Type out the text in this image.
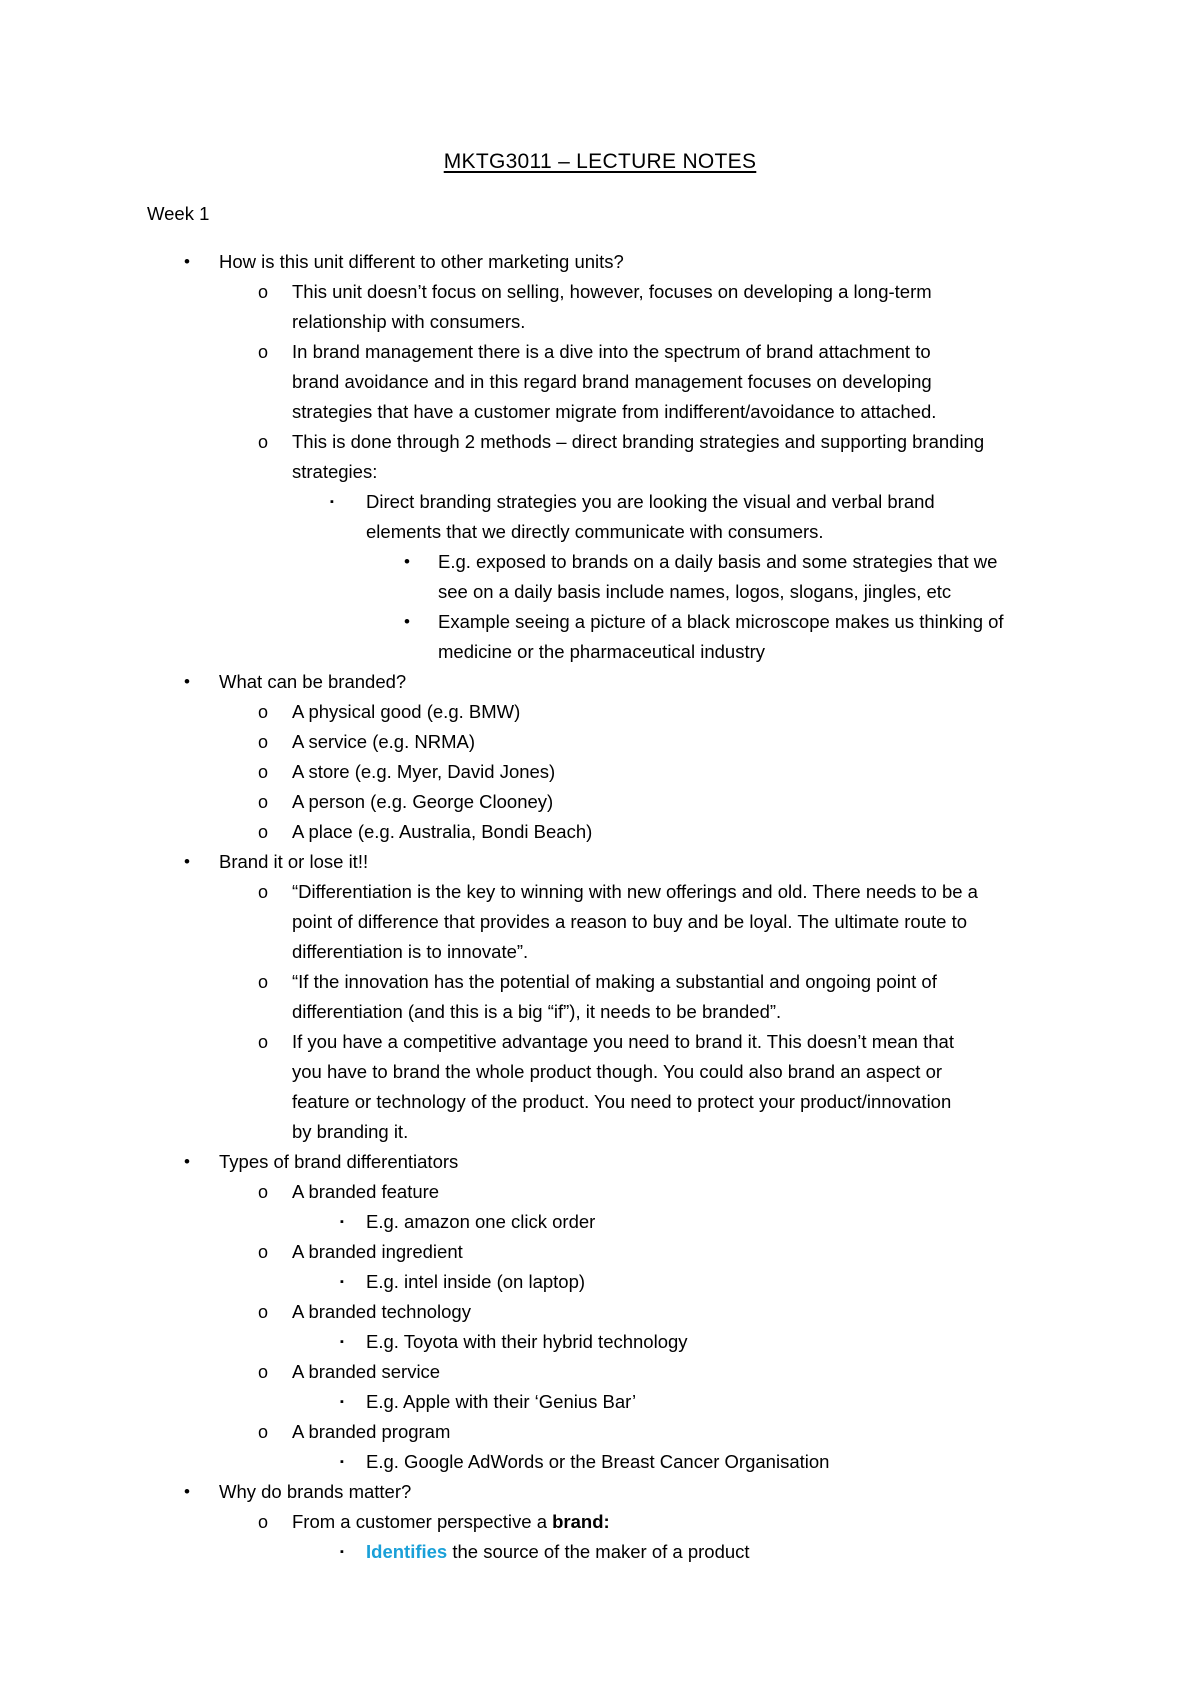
MKTG3011 – LECTURE NOTES
Week 1
• How is this unit different to other marketing units?
o This unit doesn’t focus on selling, however, focuses on developing a long-term
relationship with consumers.
o In brand management there is a dive into the spectrum of brand attachment to
brand avoidance and in this regard brand management focuses on developing
strategies that have a customer migrate from indifferent/avoidance to attached.
o This is done through 2 methods – direct branding strategies and supporting branding
strategies:
▪ Direct branding strategies you are looking the visual and verbal brand
elements that we directly communicate with consumers.
• E.g. exposed to brands on a daily basis and some strategies that we
see on a daily basis include names, logos, slogans, jingles, etc
• Example seeing a picture of a black microscope makes us thinking of
medicine or the pharmaceutical industry
• What can be branded?
o A physical good (e.g. BMW)
o A service (e.g. NRMA)
o A store (e.g. Myer, David Jones)
o A person (e.g. George Clooney)
o A place (e.g. Australia, Bondi Beach)
• Brand it or lose it!!
o “Differentiation is the key to winning with new offerings and old. There needs to be a
point of difference that provides a reason to buy and be loyal. The ultimate route to
differentiation is to innovate”.
o “If the innovation has the potential of making a substantial and ongoing point of
differentiation (and this is a big “if”), it needs to be branded”.
o If you have a competitive advantage you need to brand it. This doesn’t mean that
you have to brand the whole product though. You could also brand an aspect or
feature or technology of the product. You need to protect your product/innovation
by branding it.
• Types of brand differentiators
o A branded feature
▪ E.g. amazon one click order
o A branded ingredient
▪ E.g. intel inside (on laptop)
o A branded technology
▪ E.g. Toyota with their hybrid technology
o A branded service
▪ E.g. Apple with their ‘Genius Bar’
o A branded program
▪ E.g. Google AdWords or the Breast Cancer Organisation
• Why do brands matter?
o From a customer perspective a brand:
▪ Identifies the source of the maker of a product
